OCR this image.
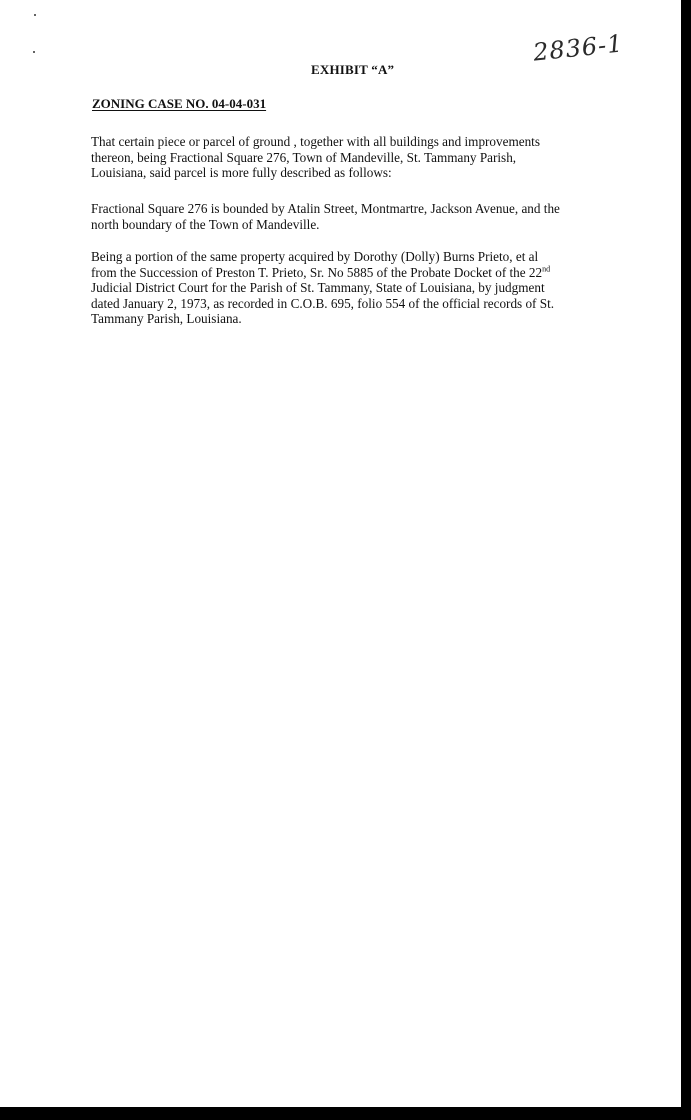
2836-1
EXHIBIT “A”
ZONING CASE NO. 04-04-031

That certain piece or parcel of ground , together with all buildings and improvements
thereon, being Fractional Square 276, Town of Mandeville, St. Tammany Parish,
Louisiana, said parcel is more fully described as follows:

Fractional Square 276 is bounded by Atalin Street, Montmartre, Jackson Avenue, and the
north boundary of the Town of Mandeville.

Being a portion of the same property acquired by Dorothy (Dolly) Burns Prieto, et al
from the Succession of Preston T. Prieto, Sr. No 5885 of the Probate Docket of the 22nd
Judicial District Court for the Parish of St. Tammany, State of Louisiana, by judgment
dated January 2, 1973, as recorded in C.O.B. 695, folio 554 of the official records of St.
Tammany Parish, Louisiana.
